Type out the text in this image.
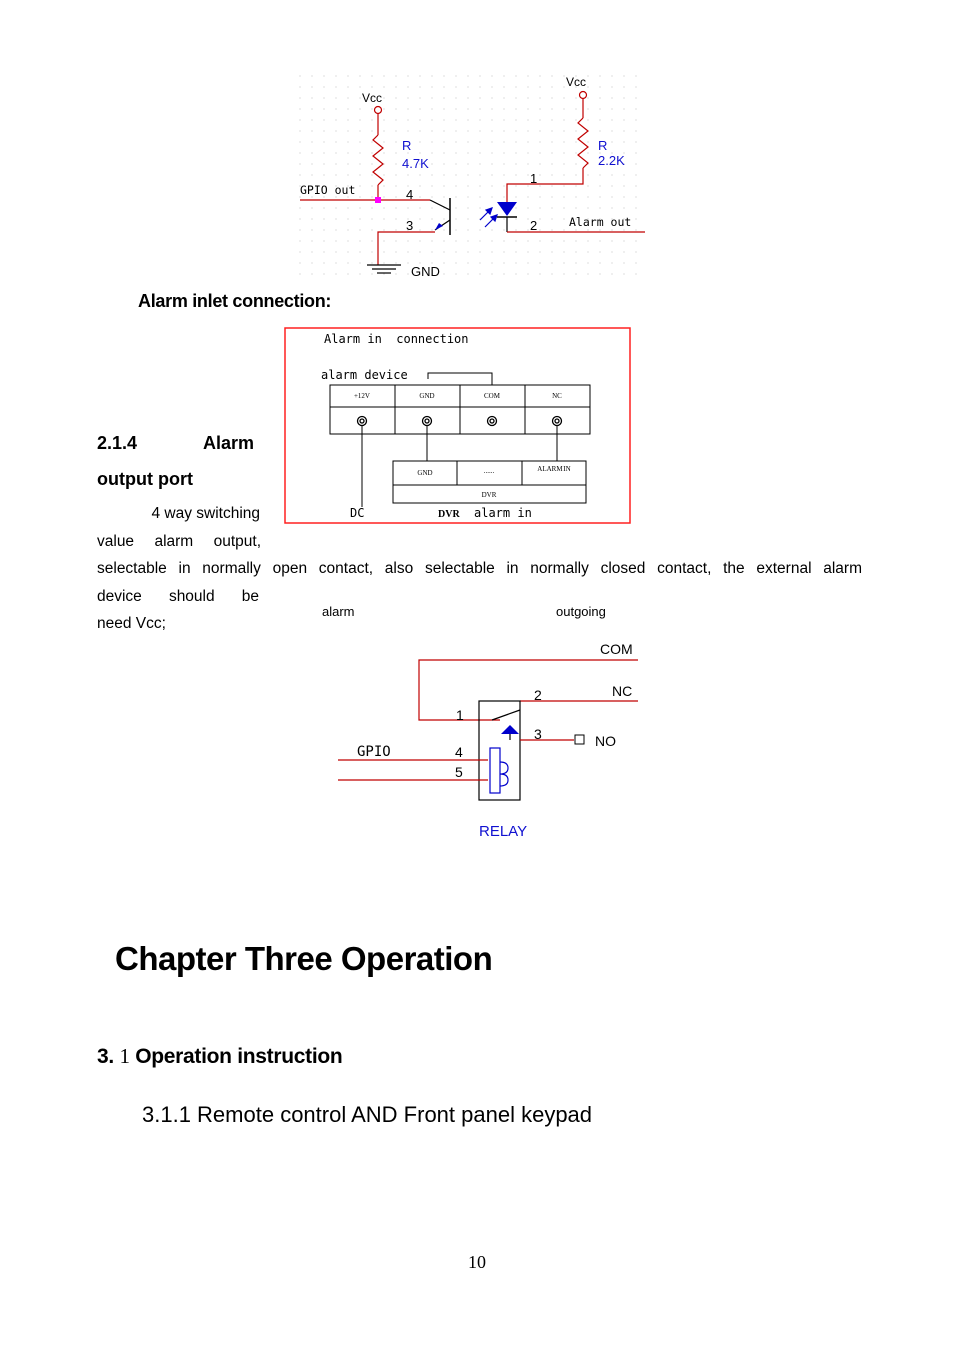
Vcc
R
4.7K
GPIO out	4
3
GND
1
2	Alarm out
Vcc
R
2.2K
Alarm inlet connection:
Alarm in  connection
alarm device
+12V	GND	COM	NC
GND	......	ALARM IN
DVR
DC	DVR alarm in
2.1.4	Alarm
output port
4 way switching
value alarm output,
selectable in normally open contact, also selectable in normally closed contact, the external alarm
device should be
need Vcc;
alarm	outgoing
COM
1
NC
2
3	NO
GPIO	4
5
RELAY
Chapter Three Operation
3. 1 Operation instruction
3.1.1 Remote control AND Front panel keypad
10
